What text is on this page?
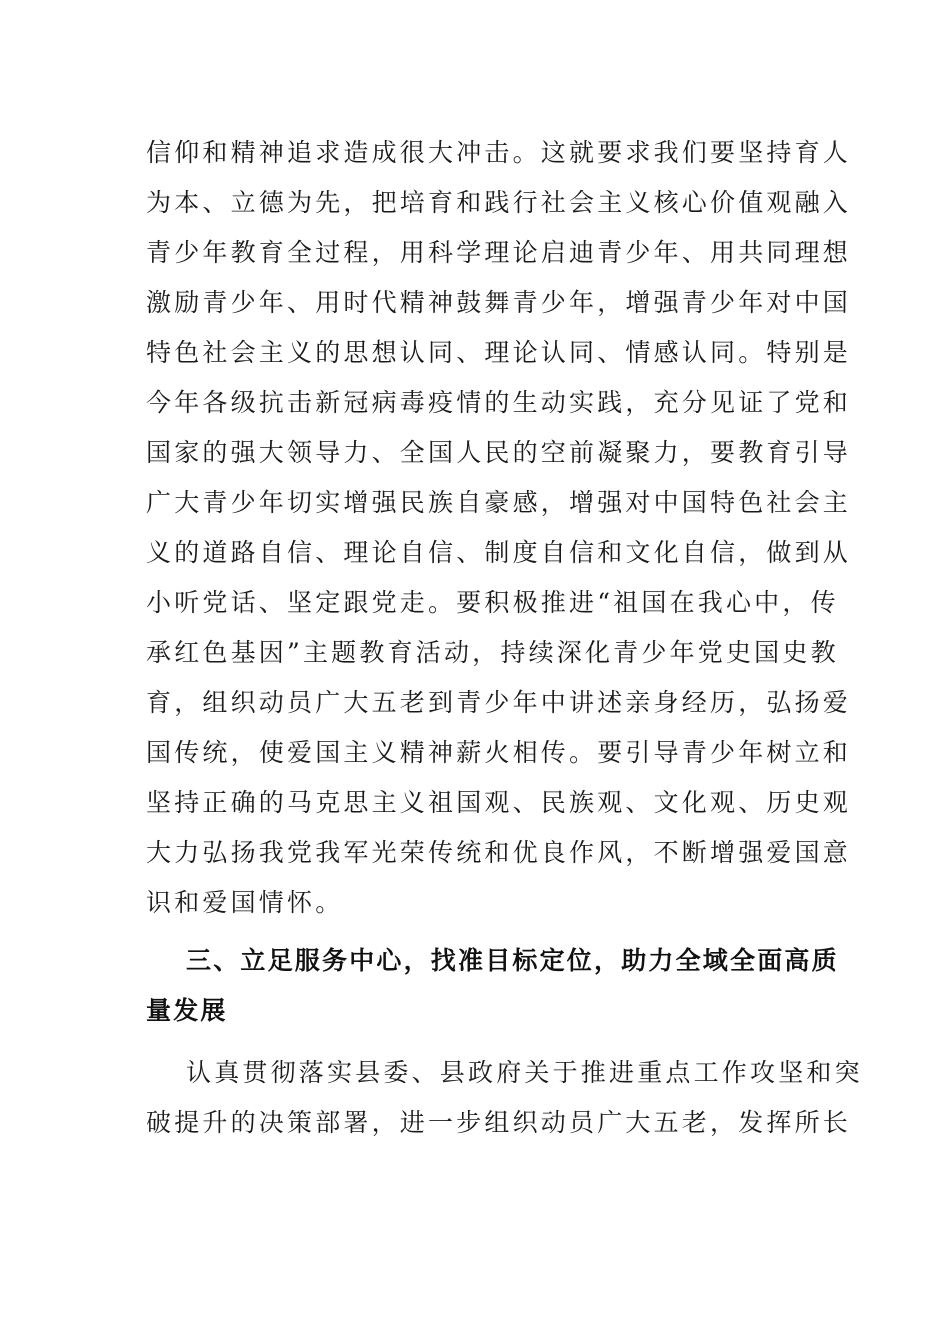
信仰和精神追求造成很大冲击。这就要求我们要坚持育人
为本、立德为先，把培育和践行社会主义核心价值观融入
青少年教育全过程，用科学理论启迪青少年、用共同理想
激励青少年、用时代精神鼓舞青少年，增强青少年对中国
特色社会主义的思想认同、理论认同、情感认同。特别是
今年各级抗击新冠病毒疫情的生动实践，充分见证了党和
国家的强大领导力、全国人民的空前凝聚力，要教育引导
广大青少年切实增强民族自豪感，增强对中国特色社会主
义的道路自信、理论自信、制度自信和文化自信，做到从
小听党话、坚定跟党走。要积极推进“祖国在我心中，传
承红色基因”主题教育活动，持续深化青少年党史国史教
育，组织动员广大五老到青少年中讲述亲身经历，弘扬爱
国传统，使爱国主义精神薪火相传。要引导青少年树立和
坚持正确的马克思主义祖国观、民族观、文化观、历史观
大力弘扬我党我军光荣传统和优良作风，不断增强爱国意
识和爱国情怀。
三、立足服务中心，找准目标定位，助力全域全面高质
量发展
认真贯彻落实县委、县政府关于推进重点工作攻坚和突
破提升的决策部署，进一步组织动员广大五老，发挥所长
